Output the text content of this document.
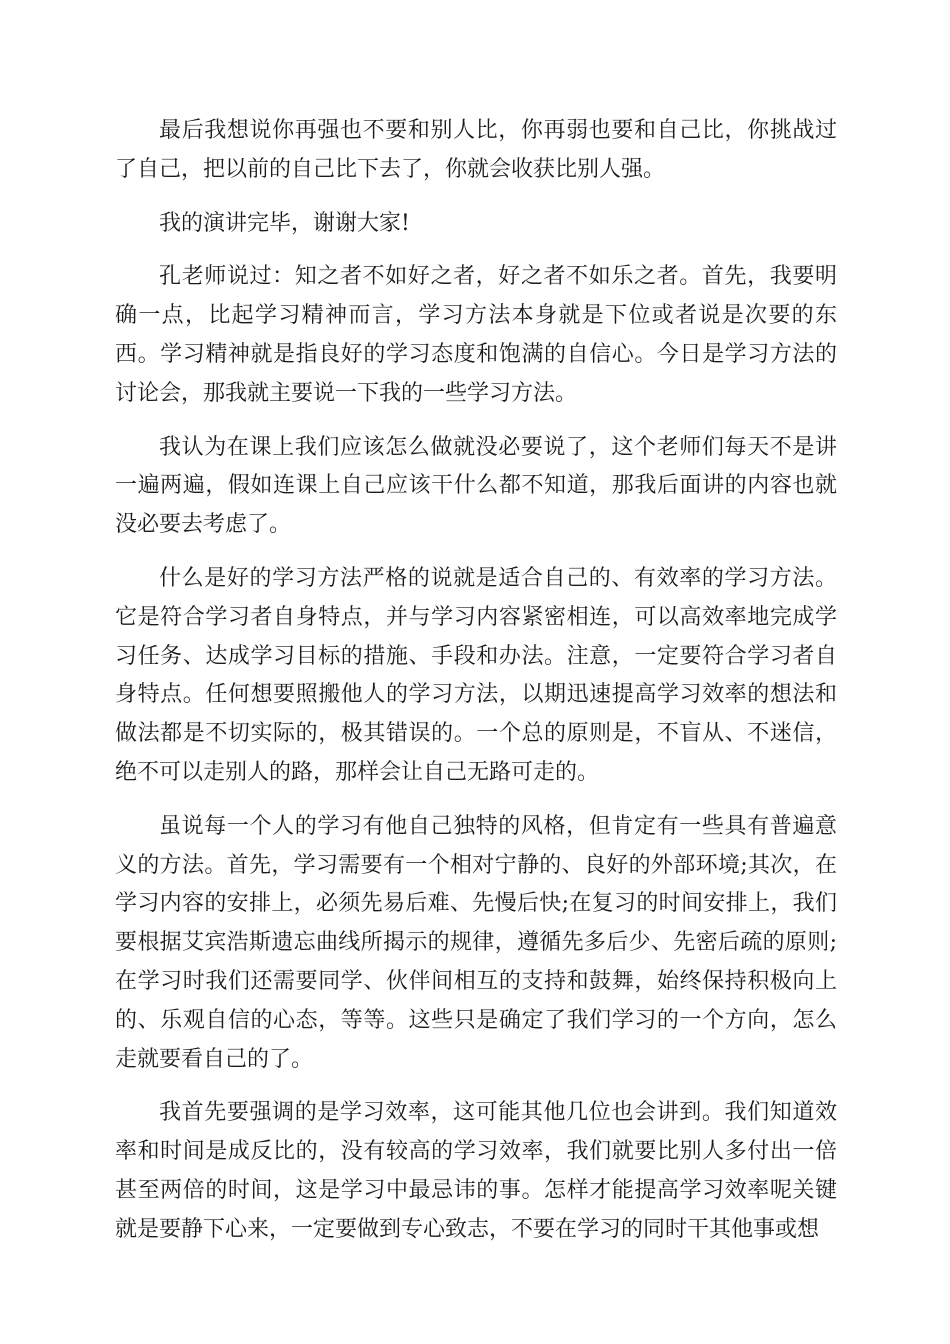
最后我想说你再强也不要和别人比，你再弱也要和自己比，你挑战过了自己，把以前的自己比下去了，你就会收获比别人强。

我的演讲完毕，谢谢大家!

孔老师说过：知之者不如好之者，好之者不如乐之者。首先，我要明确一点，比起学习精神而言，学习方法本身就是下位或者说是次要的东西。学习精神就是指良好的学习态度和饱满的自信心。今日是学习方法的讨论会，那我就主要说一下我的一些学习方法。

我认为在课上我们应该怎么做就没必要说了，这个老师们每天不是讲一遍两遍，假如连课上自己应该干什么都不知道，那我后面讲的内容也就没必要去考虑了。

什么是好的学习方法严格的说就是适合自己的、有效率的学习方法。它是符合学习者自身特点，并与学习内容紧密相连，可以高效率地完成学习任务、达成学习目标的措施、手段和办法。注意，一定要符合学习者自身特点。任何想要照搬他人的学习方法，以期迅速提高学习效率的想法和做法都是不切实际的，极其错误的。一个总的原则是，不盲从、不迷信，绝不可以走别人的路，那样会让自己无路可走的。

虽说每一个人的学习有他自己独特的风格，但肯定有一些具有普遍意义的方法。首先，学习需要有一个相对宁静的、良好的外部环境;其次，在学习内容的安排上，必须先易后难、先慢后快;在复习的时间安排上，我们要根据艾宾浩斯遗忘曲线所揭示的规律，遵循先多后少、先密后疏的原则;在学习时我们还需要同学、伙伴间相互的支持和鼓舞，始终保持积极向上的、乐观自信的心态，等等。这些只是确定了我们学习的一个方向，怎么走就要看自己的了。

我首先要强调的是学习效率，这可能其他几位也会讲到。我们知道效率和时间是成反比的，没有较高的学习效率，我们就要比别人多付出一倍甚至两倍的时间，这是学习中最忌讳的事。怎样才能提高学习效率呢关键就是要静下心来，一定要做到专心致志，不要在学习的同时干其他事或想
